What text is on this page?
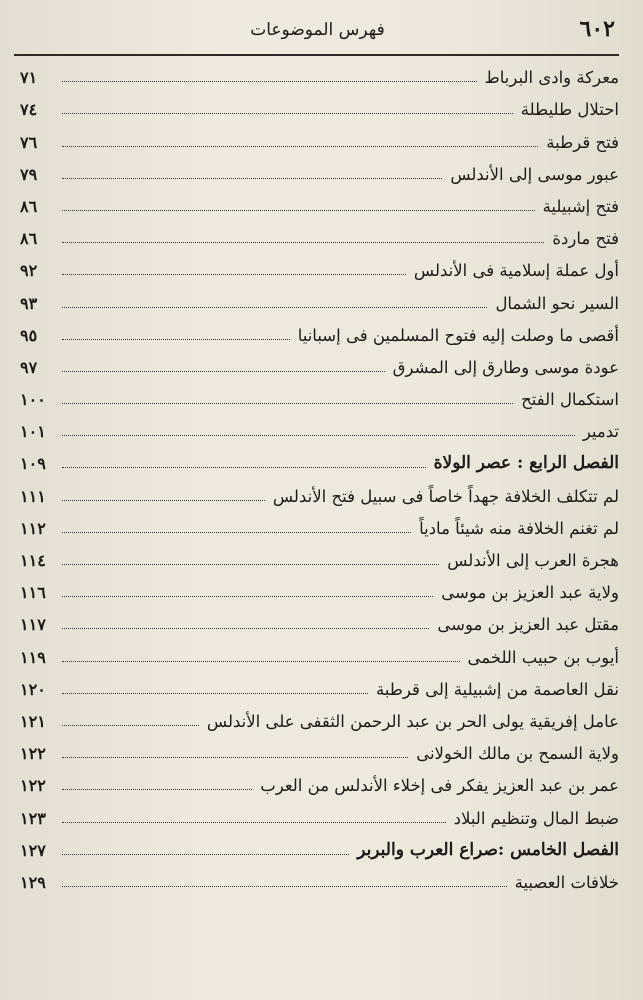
٦٠٢
فهرس الموضوعات
معركة وادى البرباط
٧١
احتلال طليطلة
٧٤
فتح قرطبة
٧٦
عبور موسى إلى الأندلس
٧٩
فتح إشبيلية
٨٦
فتح ماردة
٨٦
أول عملة إسلامية فى الأندلس
٩٢
السير نحو الشمال
٩٣
أقصى ما وصلت إليه فتوح المسلمين فى إسبانيا
٩٥
عودة موسى وطارق إلى المشرق
٩٧
استكمال الفتح
١٠٠
تدمير
١٠١
الفصل الرابع : عصر الولاة
١٠٩
لم تتكلف الخلافة جهداً خاصاً فى سبيل فتح الأندلس
١١١
لم تغنم الخلافة منه شيئاً مادياً
١١٢
هجرة العرب إلى الأندلس
١١٤
ولاية عبد العزيز بن موسى
١١٦
مقتل عبد العزيز بن موسى
١١٧
أيوب بن حبيب اللخمى
١١٩
نقل العاصمة من إشبيلية إلى قرطبة
١٢٠
عامل إفريقية يولى الحر بن عبد الرحمن الثقفى على الأندلس
١٢١
ولاية السمح بن مالك الخولانى
١٢٢
عمر بن عبد العزيز يفكر فى إخلاء الأندلس من العرب
١٢٢
ضبط المال وتنظيم البلاد
١٢٣
الفصل الخامس :صراع العرب والبربر
١٢٧
خلافات العصبية
١٢٩
